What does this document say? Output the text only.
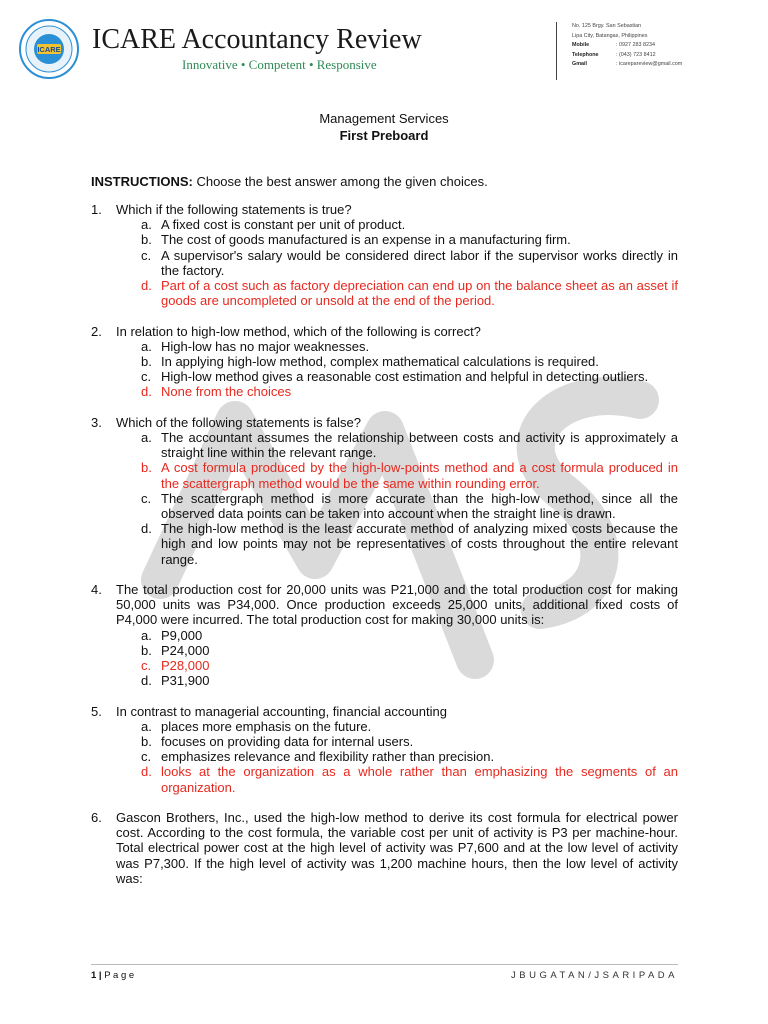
ICARE ICARE Accountancy Review
Innovative • Competent • Responsive
No. 125 Brgy. San Sebastian
Lipa City, Batangas, Philippines
Mobile	: 0927 283 8234
Telephone	: (043) 723 8412
Gmail	: icarepareview@gmail.com
Management Services
First Preboard
INSTRUCTIONS: Choose the best answer among the given choices.
1. Which if the following statements is true?
a. A fixed cost is constant per unit of product.
b. The cost of goods manufactured is an expense in a manufacturing firm.
c. A supervisor's salary would be considered direct labor if the supervisor works directly in the factory.
d. Part of a cost such as factory depreciation can end up on the balance sheet as an asset if goods are uncompleted or unsold at the end of the period.
2. In relation to high-low method, which of the following is correct?
a. High-low has no major weaknesses.
b. In applying high-low method, complex mathematical calculations is required.
c. High-low method gives a reasonable cost estimation and helpful in detecting outliers.
d. None from the choices
3. Which of the following statements is false?
a. The accountant assumes the relationship between costs and activity is approximately a straight line within the relevant range.
b. A cost formula produced by the high-low-points method and a cost formula produced in the scattergraph method would be the same within rounding error.
c. The scattergraph method is more accurate than the high-low method, since all the observed data points can be taken into account when the straight line is drawn.
d. The high-low method is the least accurate method of analyzing mixed costs because the high and low points may not be representatives of costs throughout the entire relevant range.
4. The total production cost for 20,000 units was P21,000 and the total production cost for making 50,000 units was P34,000. Once production exceeds 25,000 units, additional fixed costs of P4,000 were incurred. The total production cost for making 30,000 units is:
a. P9,000
b. P24,000
c. P28,000
d. P31,900
5. In contrast to managerial accounting, financial accounting
a. places more emphasis on the future.
b. focuses on providing data for internal users.
c. emphasizes relevance and flexibility rather than precision.
d. looks at the organization as a whole rather than emphasizing the segments of an organization.
6. Gascon Brothers, Inc., used the high-low method to derive its cost formula for electrical power cost. According to the cost formula, the variable cost per unit of activity is P3 per machine-hour. Total electrical power cost at the high level of activity was P7,600 and at the low level of activity was P7,300. If the high level of activity was 1,200 machine hours, then the low level of activity was:
1 | P a g e	JBUGATAN/JSARIPADA
